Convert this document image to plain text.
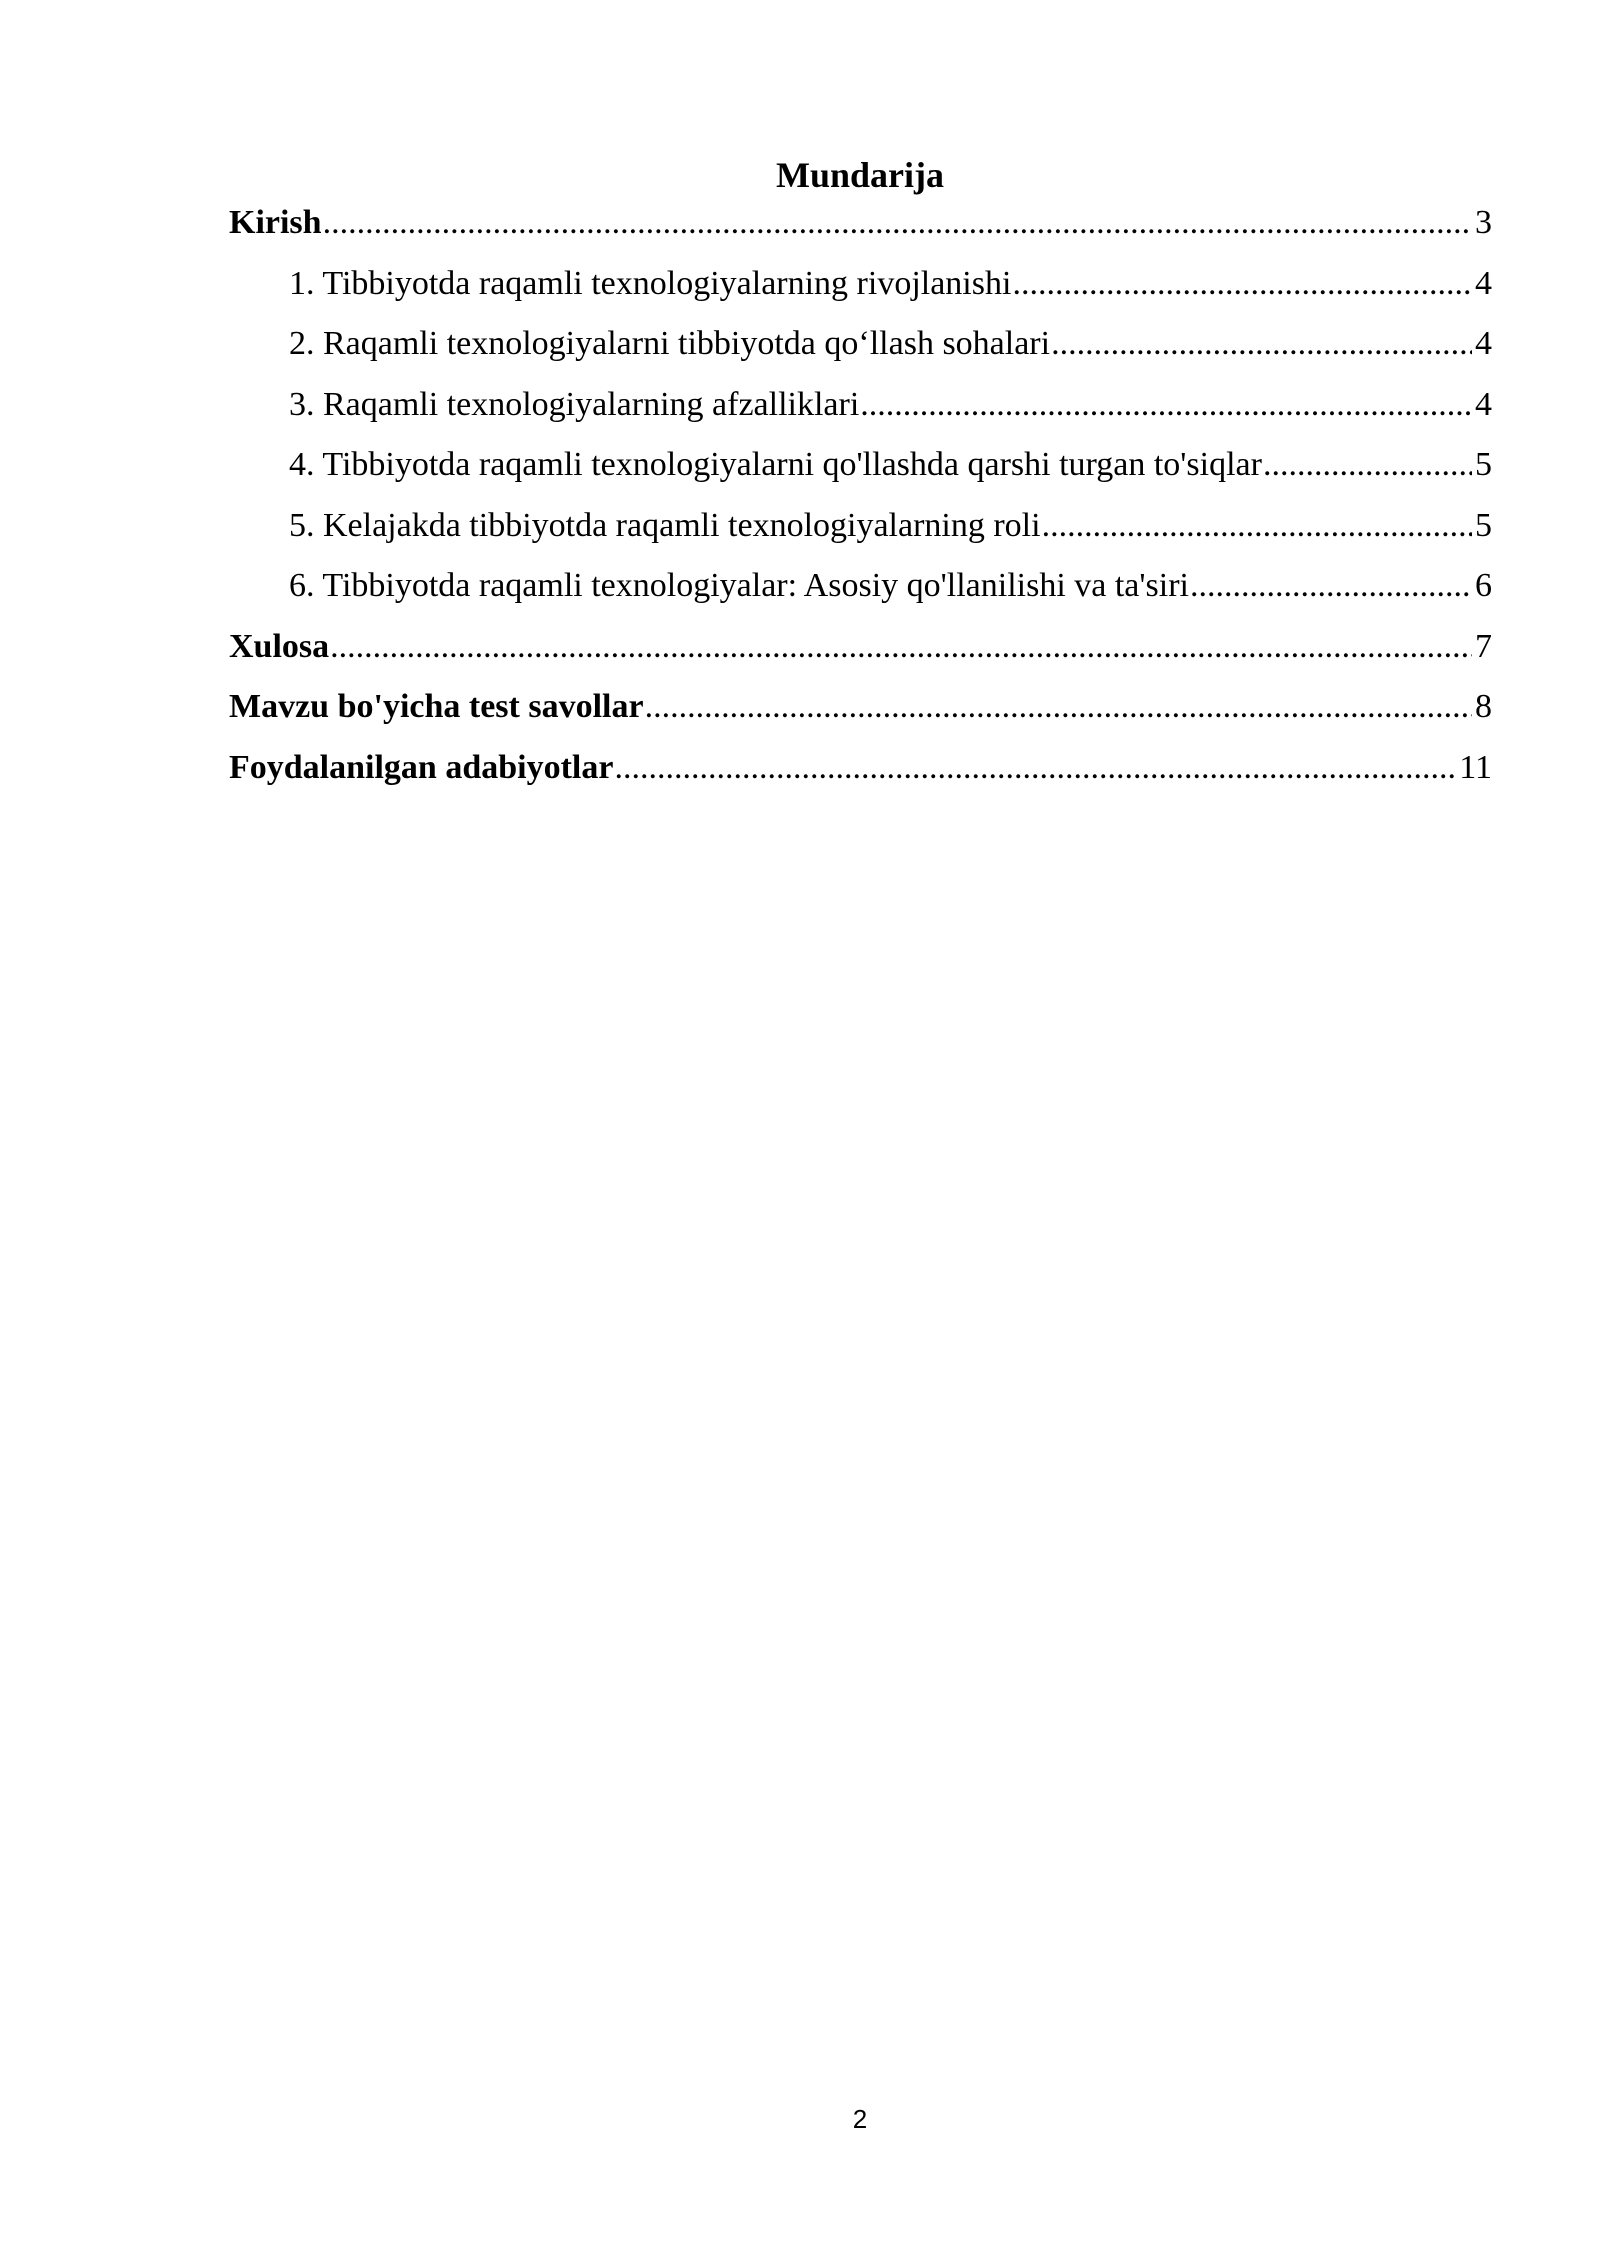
Mundarija
Kirish .....	3
1. Tibbiyotda raqamli texnologiyalarning rivojlanishi .....	4
2. Raqamli texnologiyalarni tibbiyotda qo‘llash sohalari .....	4
3. Raqamli texnologiyalarning afzalliklari .....	4
4. Tibbiyotda raqamli texnologiyalarni qo'llashda qarshi turgan to'siqlar .....	5
5. Kelajakda tibbiyotda raqamli texnologiyalarning roli .....	5
6. Tibbiyotda raqamli texnologiyalar: Asosiy qo'llanilishi va ta'siri .....	6
Xulosa .....	7
Mavzu bo'yicha test savollar .....	8
Foydalanilgan adabiyotlar .....	11
2
